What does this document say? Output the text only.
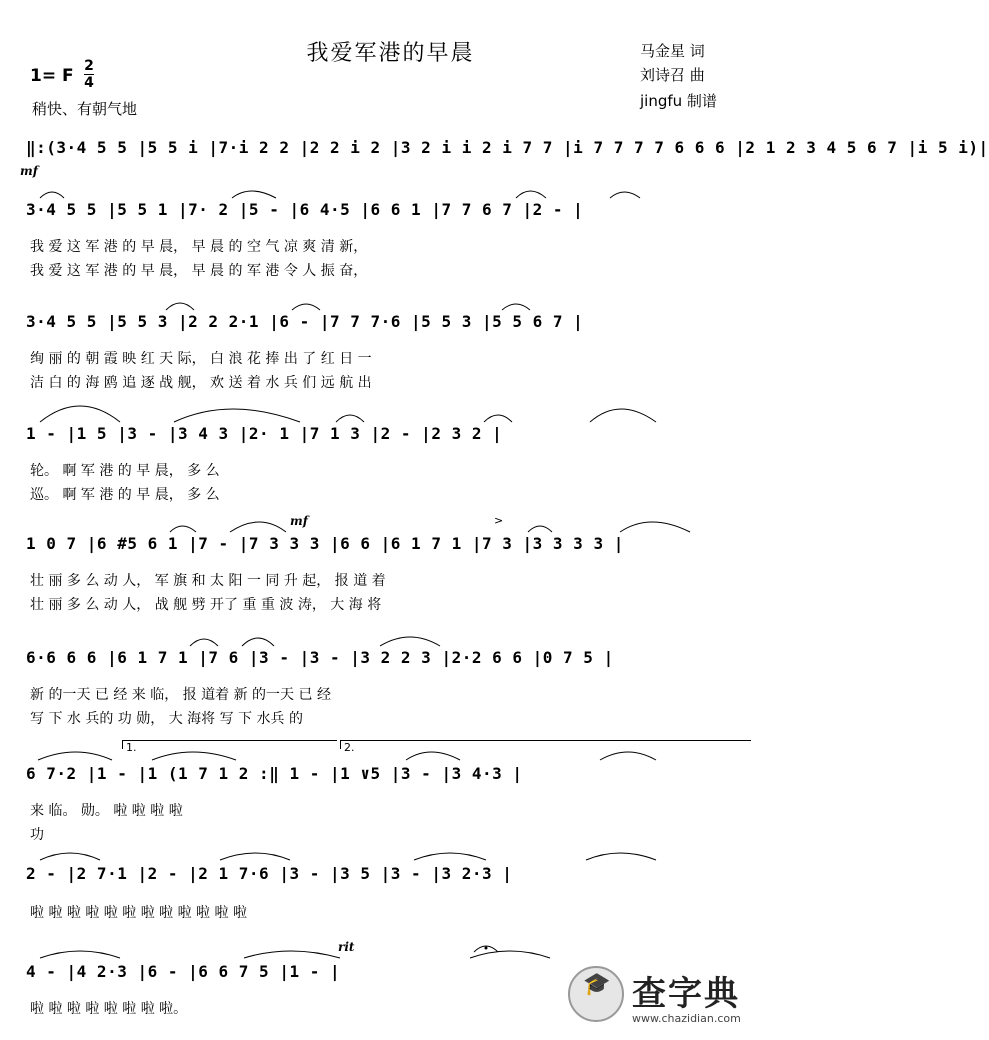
我爱军港的早晨	马金星 词
刘诗召 曲
jingfu 制谱
1= F 2
4
稍快、有朝气地
‖:(3·4 5 5 |5 5 i |7·i 2 2 |2 2 i 2 |3 2 i i 2 i 7 7 |i 7 7 7 7 6 6 6 |2 1 2 3 4 5 6 7 |i 5 i)|
mf
3·4 5 5 |5 5 1 |7· 2 |5 - |6 4·5 |6 6 1 |7 7 6 7 |2 - |
我 爱 这 军 港 的 早 晨， 早 晨 的 空 气 凉 爽 清 新，
我 爱 这 军 港 的 早 晨， 早 晨 的 军 港 令 人 振 奋，
3·4 5 5 |5 5 3 |2 2 2·1 |6 - |7 7 7·6 |5 5 3 |5 5 6 7 |
绚 丽 的 朝 霞 映 红 天 际， 白 浪 花 捧 出 了 红 日 一
洁 白 的 海 鸥 追 逐 战 舰， 欢 送 着 水 兵 们 远 航 出
1 - |1 5 |3 - |3 4 3 |2· 1 |7 1 3 |2 - |2 3 2 |
轮。 啊 军 港 的 早 晨， 多 么
巡。 啊 军 港 的 早 晨， 多 么
mf	>
1 0 7 |6 #5 6 1 |7 - |7 3 3 3 |6 6 |6 1 7 1 |7 3 |3 3 3 3 |
壮 丽 多 么 动 人， 军 旗 和 太 阳 一 同 升 起， 报 道 着
壮 丽 多 么 动 人， 战 舰 劈 开了 重 重 波 涛， 大 海 将
6·6 6 6 |6 1 7 1 |7 6 |3 - |3 - |3 2 2 3 |2·2 6 6 |0 7 5 |
新 的一天 已 经 来 临， 报 道着 新 的一天 已 经
写 下 水 兵的 功 勋， 大 海将 写 下 水兵 的
1.	2.
6 7·2 |1 - |1 (1 7 1 2 :‖ 1 - |1 ∨5 |3 - |3 4·3 |
来 临。 勋。 啦 啦 啦 啦
功
2 - |2 7·1 |2 - |2 1 7·6 |3 - |3 5 |3 - |3 2·3 |
啦 啦 啦 啦 啦 啦 啦 啦 啦 啦 啦 啦
rit
4 - |4 2·3 |6 - |6 6 7 5 |1 - |
啦 啦 啦 啦 啦 啦 啦 啦。
🎓 查字典
www.chazidian.com
